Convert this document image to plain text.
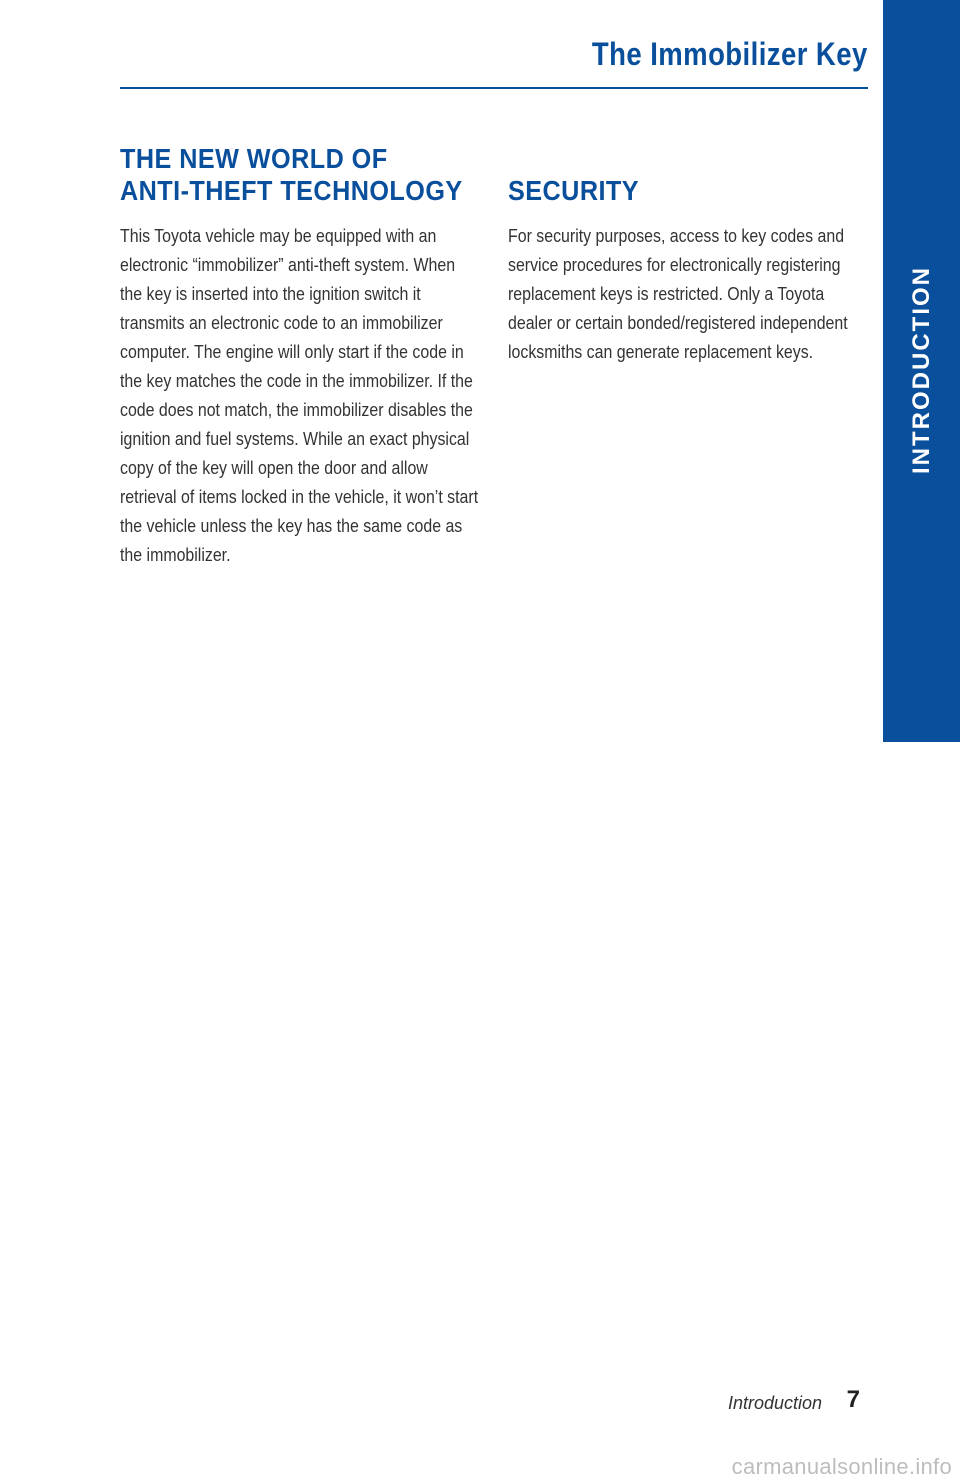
The Immobilizer Key
INTRODUCTION
THE NEW WORLD OF
ANTI-THEFT TECHNOLOGY

This Toyota vehicle may be equipped with an electronic “immobilizer” anti-theft system. When the key is inserted into the ignition switch it transmits an electronic code to an immobilizer computer. The engine will only start if the code in the key matches the code in the immobilizer. If the code does not match, the immobilizer disables the ignition and fuel systems. While an exact physical copy of the key will open the door and allow retrieval of items locked in the vehicle, it won’t start the vehicle unless the key has the same code as the immobilizer.

SECURITY

For security purposes, access to key codes and service procedures for electronically registering replacement keys is restricted. Only a Toyota dealer or certain bonded/registered independent locksmiths can generate replacement keys.

Introduction 7
carmanualsonline.info
